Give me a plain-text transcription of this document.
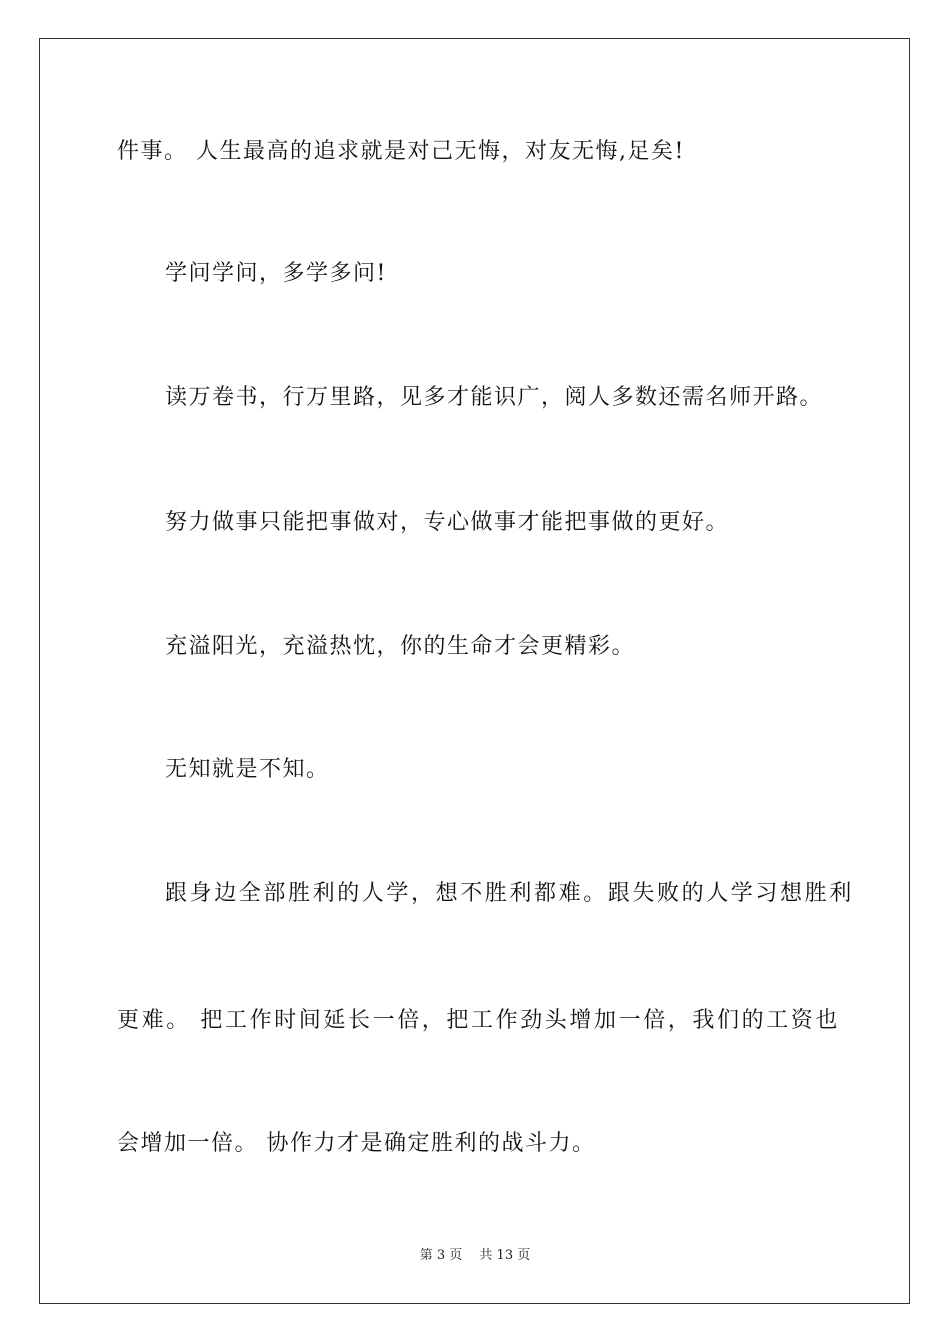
件事。 人生最高的追求就是对己无悔，对友无悔,足矣!
学问学问，多学多问!
读万卷书，行万里路，见多才能识广，阅人多数还需名师开路。
努力做事只能把事做对，专心做事才能把事做的更好。
充溢阳光，充溢热忱，你的生命才会更精彩。
无知就是不知。
跟身边全部胜利的人学，想不胜利都难。跟失败的人学习想胜利
更难。 把工作时间延长一倍，把工作劲头增加一倍，我们的工资也
会增加一倍。 协作力才是确定胜利的战斗力。
第 3 页　 共 13 页
